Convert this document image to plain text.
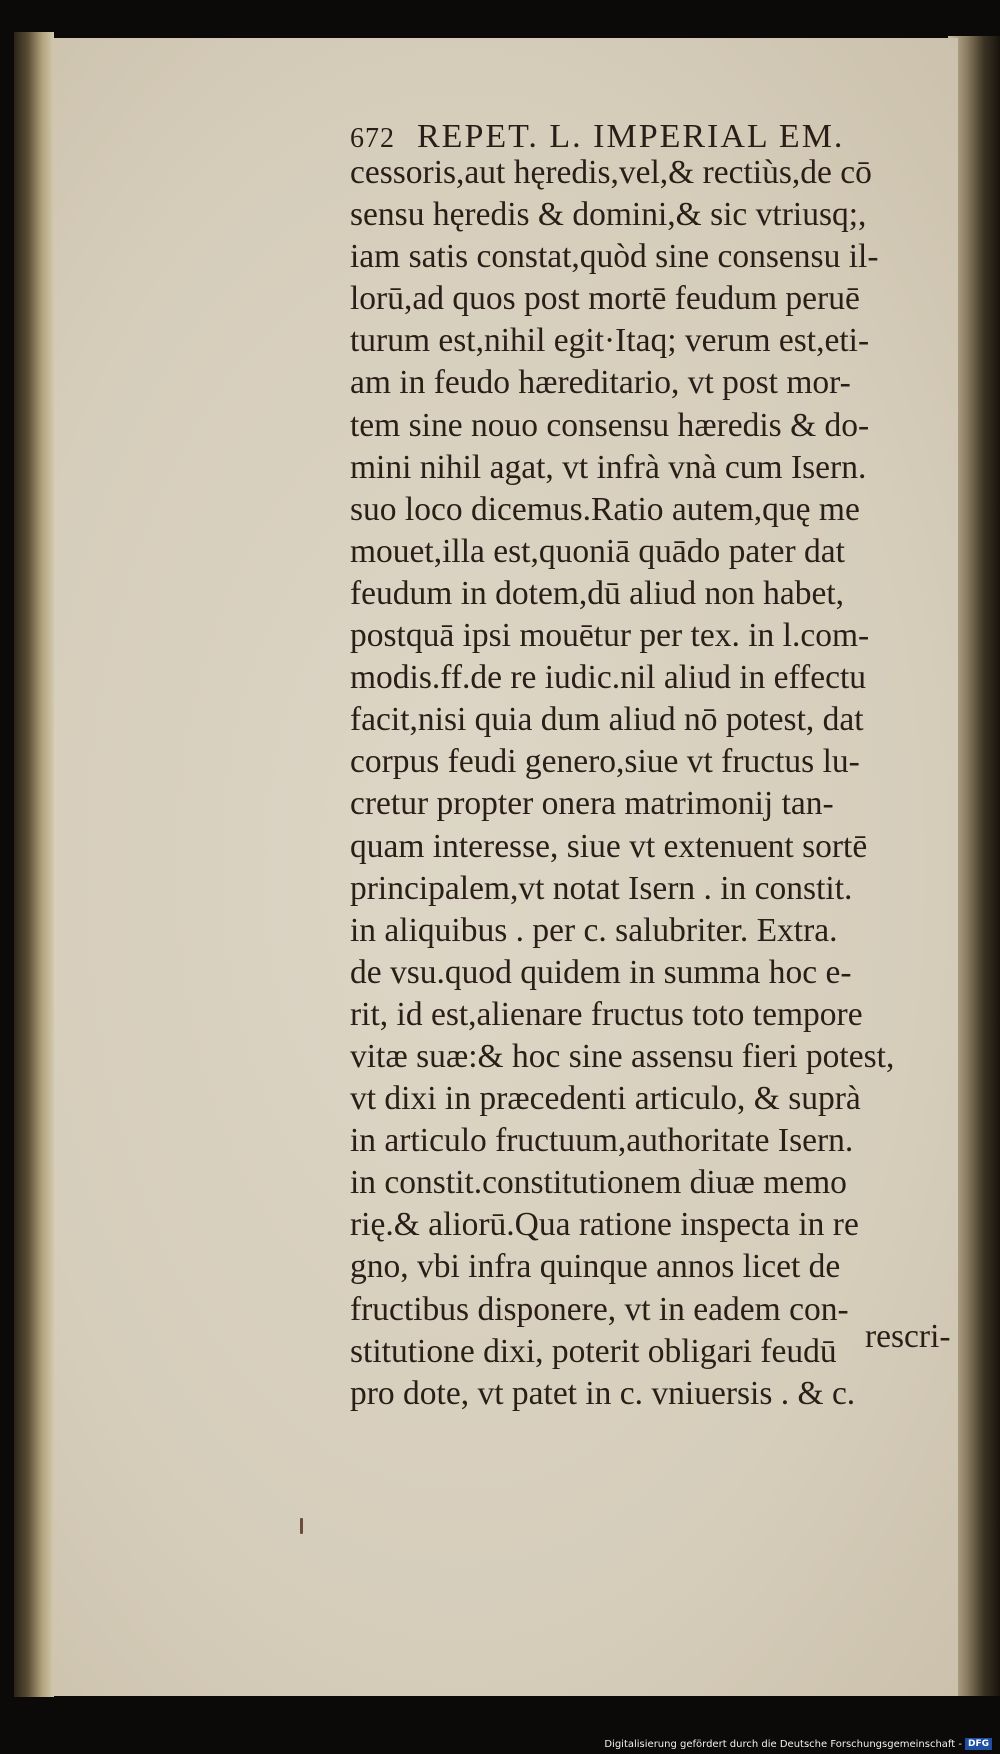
672 REPET. L. IMPERIAL EM.
cessoris,aut hęredis,vel,& rectiùs,de cō
sensu hęredis & domini,& sic vtriusq;,
iam satis constat,quòd sine consensu il-
lorū,ad quos post mortē feudum peruē
turum est,nihil egit·Itaq; verum est,eti-
am in feudo hæreditario, vt post mor-
tem sine nouo consensu hæredis & do-
mini nihil agat, vt infrà vnà cum Isern.
suo loco dicemus.Ratio autem,quę me
mouet,illa est,quoniā quādo pater dat
feudum in dotem,dū aliud non habet,
postquā ipsi mouētur per tex. in l.com-
modis.ff.de re iudic.nil aliud in effectu
facit,nisi quia dum aliud nō potest, dat
corpus feudi genero,siue vt fructus lu-
cretur propter onera matrimonij tan-
quam interesse, siue vt extenuent sortē
principalem,vt notat Isern . in constit.
in aliquibus . per c. salubriter. Extra.
de vsu.quod quidem in summa hoc e-
rit, id est,alienare fructus toto tempore
vitæ suæ:& hoc sine assensu fieri potest,
vt dixi in præcedenti articulo, & suprà
in articulo fructuum,authoritate Isern.
in constit.constitutionem diuæ memo
rię.& aliorū.Qua ratione inspecta in re
gno, vbi infra quinque annos licet de
fructibus disponere, vt in eadem con-
stitutione dixi, poterit obligari feudū
pro dote, vt patet in c. vniuersis . & c.
rescri-
Digitalisierung gefördert durch die Deutsche Forschungsgemeinschaft - DFG
